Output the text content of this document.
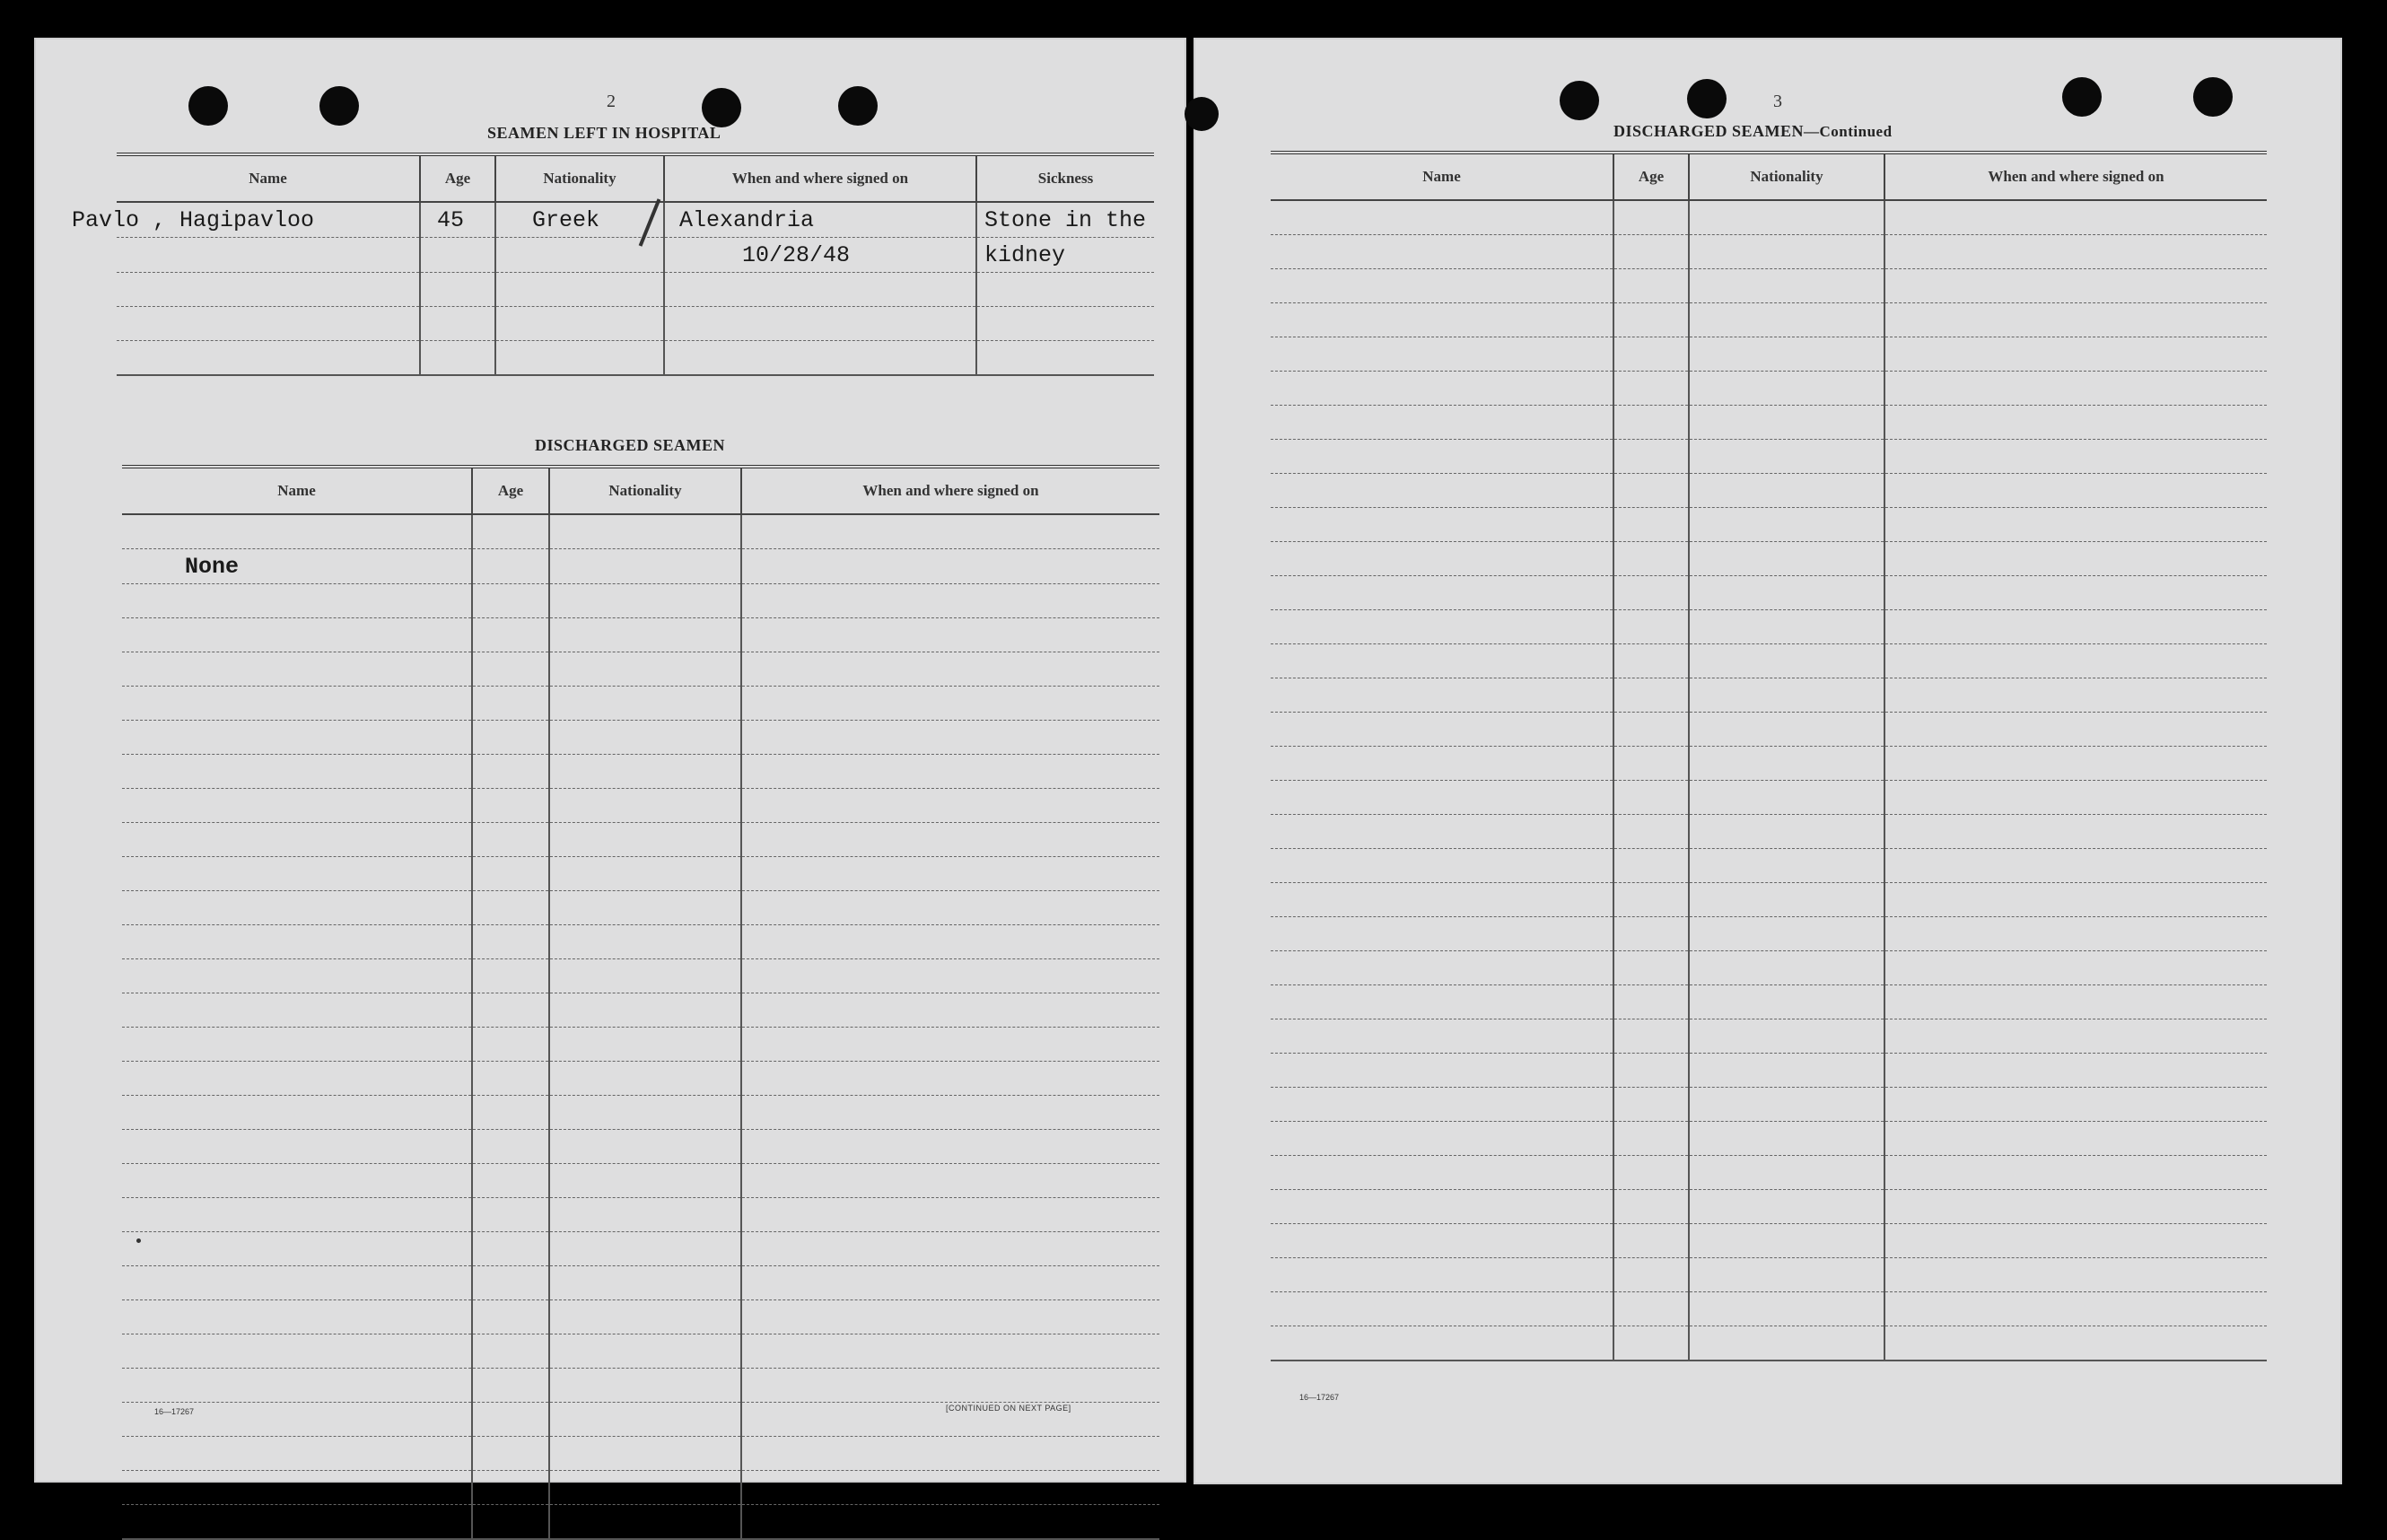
2
SEAMEN LEFT IN HOSPITAL
Name	Age	Nationality	When and where signed on	Sickness

Pavlo , Hagipavloo	45	Greek	Alexandria	Stone in the

			10/28/48	kidney

DISCHARGED SEAMEN
Name	Age	Nationality	When and where signed on

None			

16—17267	[CONTINUED ON NEXT PAGE]
3
DISCHARGED SEAMEN—Continued
Name	Age	Nationality	When and where signed on

16—17267
